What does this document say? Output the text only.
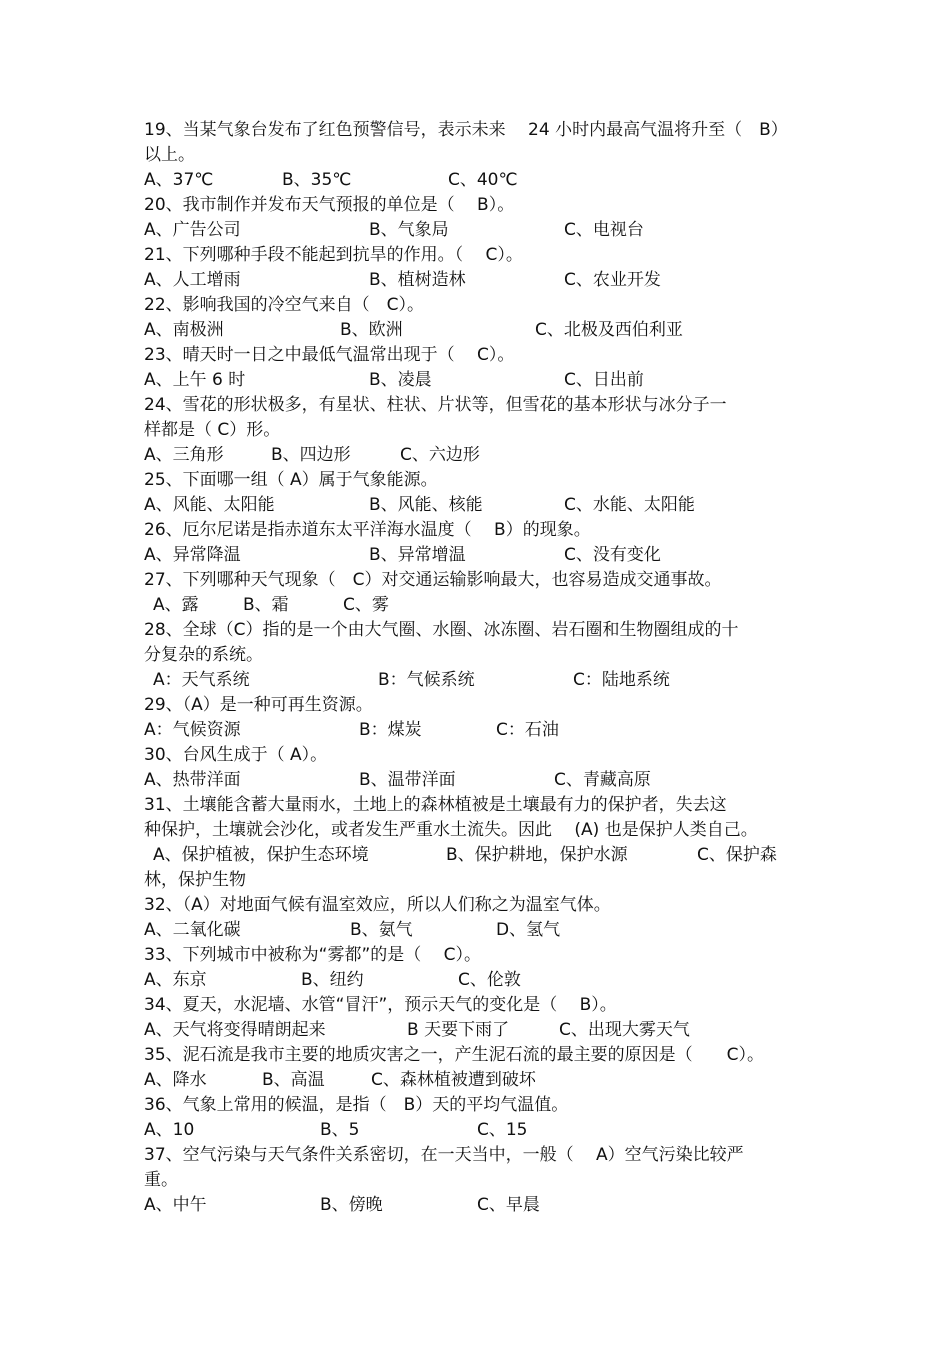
19、当某气象台发布了红色预警信号，表示未来　 24 小时内最高气温将升至（　B）
以上。
A、37℃	B、35℃	C、40℃
20、我市制作并发布天气预报的单位是（　 B）。
A、广告公司	B、气象局	C、电视台
21、下列哪种手段不能起到抗旱的作用。（　 C）。
A、人工增雨	B、植树造林	C、农业开发
22、影响我国的冷空气来自（　C）。
A、南极洲	B、欧洲	C、北极及西伯利亚
23、晴天时一日之中最低气温常出现于（　 C）。
A、上午 6 时	B、凌晨	C、日出前
24、雪花的形状极多，有星状、柱状、片状等，但雪花的基本形状与冰分子一
样都是（ C）形。
A、三角形	B、四边形	C、六边形
25、下面哪一组（ A）属于气象能源。
A、风能、太阳能	B、风能、核能	C、水能、太阳能
26、厄尔尼诺是指赤道东太平洋海水温度（　 B）的现象。
A、异常降温	B、异常增温	C、没有变化
27、下列哪种天气现象（　C）对交通运输影响最大，也容易造成交通事故。
A、露	B、霜	C、雾
28、全球（C）指的是一个由大气圈、水圈、冰冻圈、岩石圈和生物圈组成的十
分复杂的系统。
A：天气系统	B：气候系统	C：陆地系统
29、（A）是一种可再生资源。
A：气候资源	B：煤炭	C：石油
30、台风生成于（ A）。
A、热带洋面	B、温带洋面	C、青藏高原
31、土壤能含蓄大量雨水，土地上的森林植被是土壤最有力的保护者，失去这
种保护，土壤就会沙化，或者发生严重水土流失。因此　 (A) 也是保护人类自己。
A、保护植被，保护生态环境	B、保护耕地，保护水源	C、保护森
林，保护生物
32、（A）对地面气候有温室效应，所以人们称之为温室气体。
A、二氧化碳	B、氨气	D、氢气
33、下列城市中被称为“雾都”的是（　 C）。
A、东京	B、纽约	C、伦敦
34、夏天，水泥墙、水管“冒汗”，预示天气的变化是（　 B）。
A、天气将变得晴朗起来	B 天要下雨了	C、出现大雾天气
35、泥石流是我市主要的地质灾害之一，产生泥石流的最主要的原因是（　　C）。
A、降水	B、高温	C、森林植被遭到破坏
36、气象上常用的候温，是指（　B）天的平均气温值。
A、10	B、5	C、15
37、空气污染与天气条件关系密切，在一天当中，一般（　 A）空气污染比较严
重。
A、中午	B、傍晚	C、早晨
